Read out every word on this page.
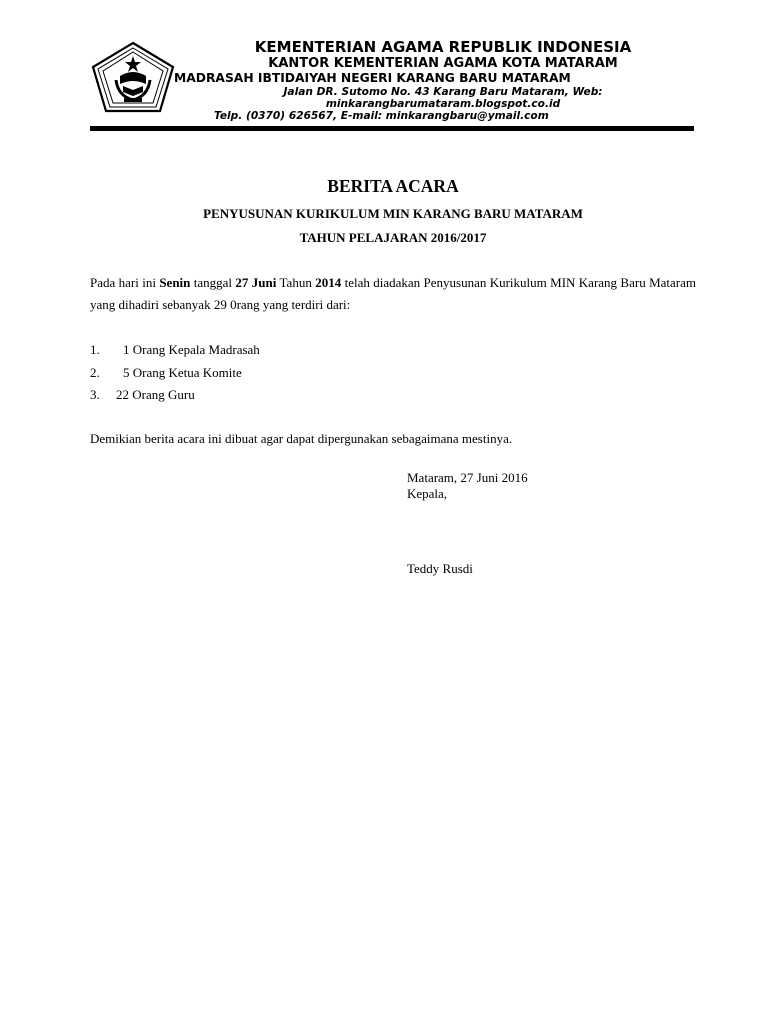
KEMENTERIAN AGAMA REPUBLIK INDONESIA
KANTOR KEMENTERIAN AGAMA KOTA MATARAM
MADRASAH IBTIDAIYAH NEGERI KARANG BARU MATARAM
Jalan DR. Sutomo No. 43 Karang Baru Mataram, Web:
minkarangbarumataram.blogspot.co.id
Telp. (0370) 626567, E-mail: minkarangbaru@ymail.com
BERITA ACARA
PENYUSUNAN KURIKULUM MIN KARANG BARU MATARAM
TAHUN PELAJARAN 2016/2017
Pada hari ini Senin tanggal 27 Juni Tahun 2014 telah diadakan Penyusunan Kurikulum MIN Karang Baru Mataram yang dihadiri sebanyak 29 0rang yang terdiri dari:
1. 1 Orang Kepala Madrasah
2. 5 Orang Ketua Komite
3. 22 Orang Guru
Demikian berita acara ini dibuat agar dapat dipergunakan sebagaimana mestinya.
Mataram, 27 Juni 2016
Kepala,
Teddy Rusdi
